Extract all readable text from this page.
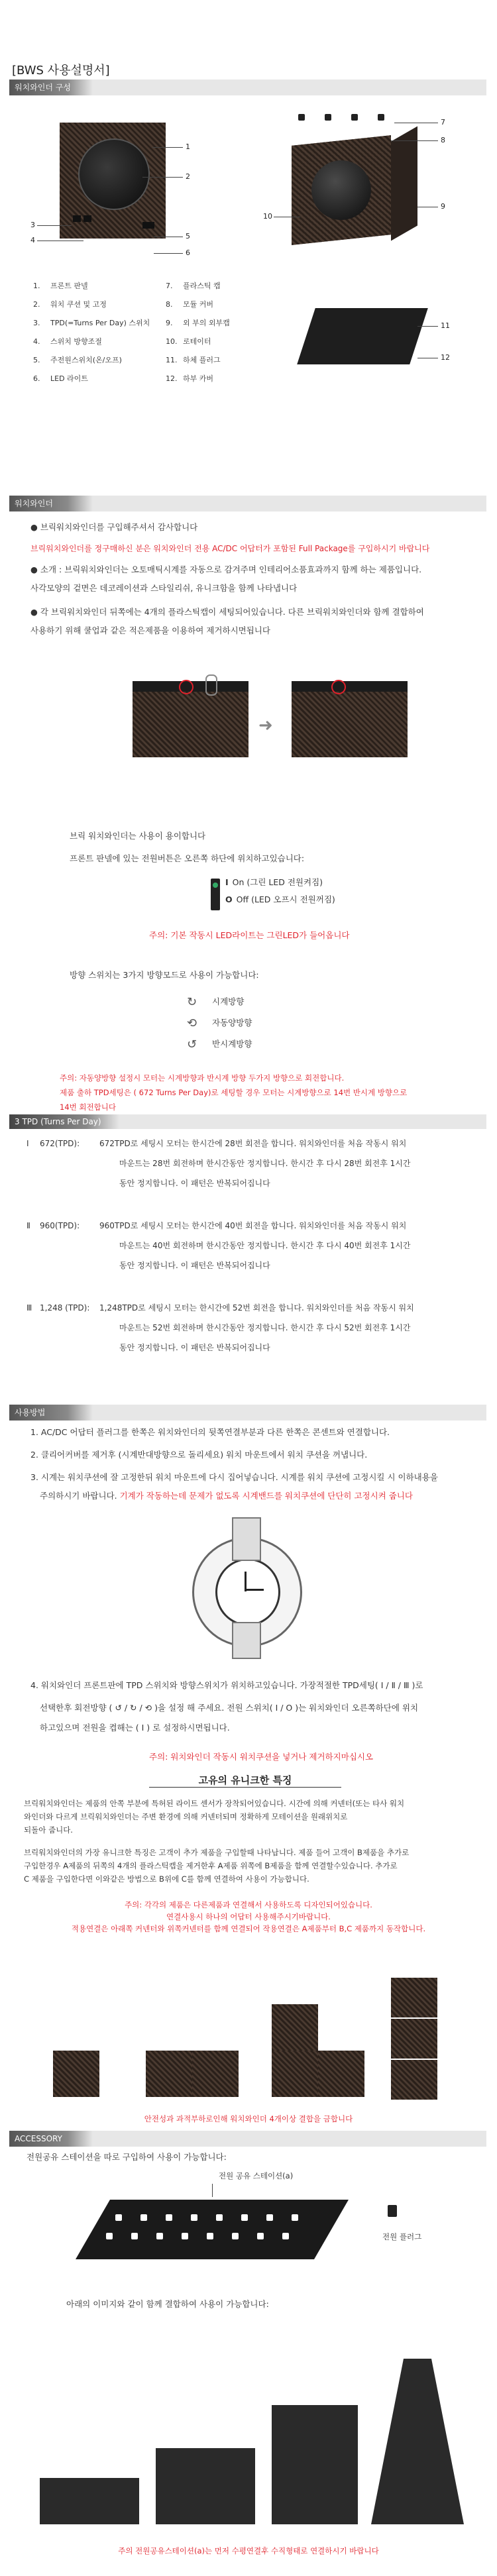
[BWS 사용설명서]
워치와인더 구성
1
2
3
4	5
6
7
8
9
10
1. 프론트 판넬
2. 워치 쿠션 및 고정
3. TPD(=Turns Per Day) 스위치
4. 스위치 방향조절
5. 주전원스위치(온/오프)
6. LED 라이트
7. 플라스틱 캡
8. 모듈 커버
9. 외 부의 외부캡
10. 로테이터
11. 하체 플러그
12. 하부 카버
11
12
워치와인더
● 브릭워치와인더를 구입해주셔서 감사합니다
브릭워치와인더를 정구매하신 분은 워치와인더 전용 AC/DC 어답터가 포함된 Full Package를 구입하시기 바랍니다
● 소개 : 브릭워치와인더는 오토매틱시계를 자동으로 감겨주며 인테리어소품효과까지 함께 하는 제품입니다.
사각모양의 겉면은 데코레이션과 스타일리쉬, 유니크함을 함께 나타냅니다
● 각 브릭워치와인더 뒤쪽에는 4개의 플라스틱캡이 세팅되어있습니다. 다른 브릭워치와인더와 함께 결합하여
사용하기 위해 쿨업과 같은 적은제품을 이용하여 제거하시면됩니다
➜
브릭 워치와인더는 사용이 용이합니다
프론트 판넬에 있는 전원버튼은 오른쪽 하단에 위치하고있습니다:
I On (그린 LED 전원켜짐)
O Off (LED 오프시 전원꺼짐)
주의: 기본 작동시 LED라이트는 그린LED가 들어옵니다
방향 스위치는 3가지 방향모드로 사용이 가능합니다:
↻ 시계방향
⟲ 자동양방향
↺ 반시계방향
주의: 자동양방향 설정시 모터는 시계방향과 반시계 방향 두가지 방향으로 회전합니다.
제품 출하 TPD세팅은 ( 672 Turns Per Day)로 세팅할 경우 모터는 시계방향으로 14번 반시계 방향으로
14번 회전합니다
3 TPD (Turns Per Day)
672TPD로 세팅시 모터는 한시간에 28번 회전을 합니다. 워치와인더를 처음 작동시 워치
마운트는 28번 회전하며 한시간동안 정지합니다. 한시간 후 다시 28번 회전후 1시간
동안 정지합니다. 이 패턴은 반복되어집니다
Ⅰ 672(TPD):
960TPD로 세팅시 모터는 한시간에 40번 회전을 합니다. 워치와인더를 처음 작동시 워치
마운트는 40번 회전하며 한시간동안 정지합니다. 한시간 후 다시 40번 회전후 1시간
동안 정지합니다. 이 패턴은 반복되어집니다
Ⅱ 960(TPD):
1,248TPD로 세팅시 모터는 한시간에 52번 회전을 합니다. 워치와인더를 처음 작동시 워치
마운트는 52번 회전하며 한시간동안 정지합니다. 한시간 후 다시 52번 회전후 1시간
동안 정지합니다. 이 패턴은 반복되어집니다
Ⅲ 1,248 (TPD):
사용방법
1. AC/DC 어답터 플러그를 한쪽은 워치와인더의 뒷쪽연결부분과 다른 한쪽은 콘센트와 연결합니다.
2. 클리어커버를 제거후 (시계반대방향으로 돌리세요) 워치 마운트에서 워치 쿠션을 꺼냅니다.
3. 시계는 워치쿠션에 잘 고정한뒤 워치 마운트에 다시 집어넣습니다. 시계를 워치 쿠션에 고정시킬 시 이하내용을
주의하시기 바랍니다. 기계가 작동하는데 문제가 없도록 시계밴드를 워치쿠션에 단단히 고정시켜 줍니다
4. 워치와인더 프론트판에 TPD 스위치와 방향스위치가 위치하고있습니다. 가장적절한 TPD세팅( Ⅰ / Ⅱ / Ⅲ )로
선택한후 회전방향 ( ↺ / ↻ / ⟲ )을 설정 해 주세요. 전원 스위치( I / O )는 워치와인더 오른쪽하단에 위치
하고있으며 전원을 켭해는 ( I ) 로 설정하시면됩니다.
주의: 워치와인더 작동시 워치쿠션을 넣거나 제거하지마십시오
고유의 유니크한 특징
브릭워치와인더는 제품의 안쪽 부분에 특허된 라이트 센서가 장착되어있습니다. 시간에 의해 커넨터(또는 타사 워치
와인더와 다르게 브릭워치와인더는 주변 환경에 의해 커넨터되며 정확하게 모테이션을 원래위치로
되돌아 줍니다.
브릭워치와인더의 가장 유니크한 특징은 고객이 추가 제품을 구입할때 나타납니다. 제품 들어 고객이 B제품을 추가로
구입한경우 A제품의 뒤쪽의 4개의 플라스틱캡을 제거한후 A제품 위쪽에 B제품을 함께 연결할수있습니다. 추가로
C 제품을 구입한다면 이와같은 방법으로 B위에 C를 함께 연결하여 사용이 가능합니다.
주의: 각각의 제품은 다른제품과 연결해서 사용하도록 디자인되어있습니다.
연결사용시 하나의 어답터 사용해주시기바랍니다.
적용연결은 아래쪽 커넨터와 위쪽커넨터를 함께 연결되어 작용연결은 A제품부터 B,C 제품까지 동작합니다.
안전성과 과적부하로인해 워치와인더 4개이상 결합을 금합니다
ACCESSORY
전원공유 스테이션을 따로 구입하여 사용이 가능합니다:
전원 공유 스테이션(a)
전원 플러그
아래의 이미지와 같이 함께 결합하여 사용이 가능합니다:
주의 전원공유스테이션(a)는 먼저 수평연결후 수직형태로 연결하시기 바랍니다
